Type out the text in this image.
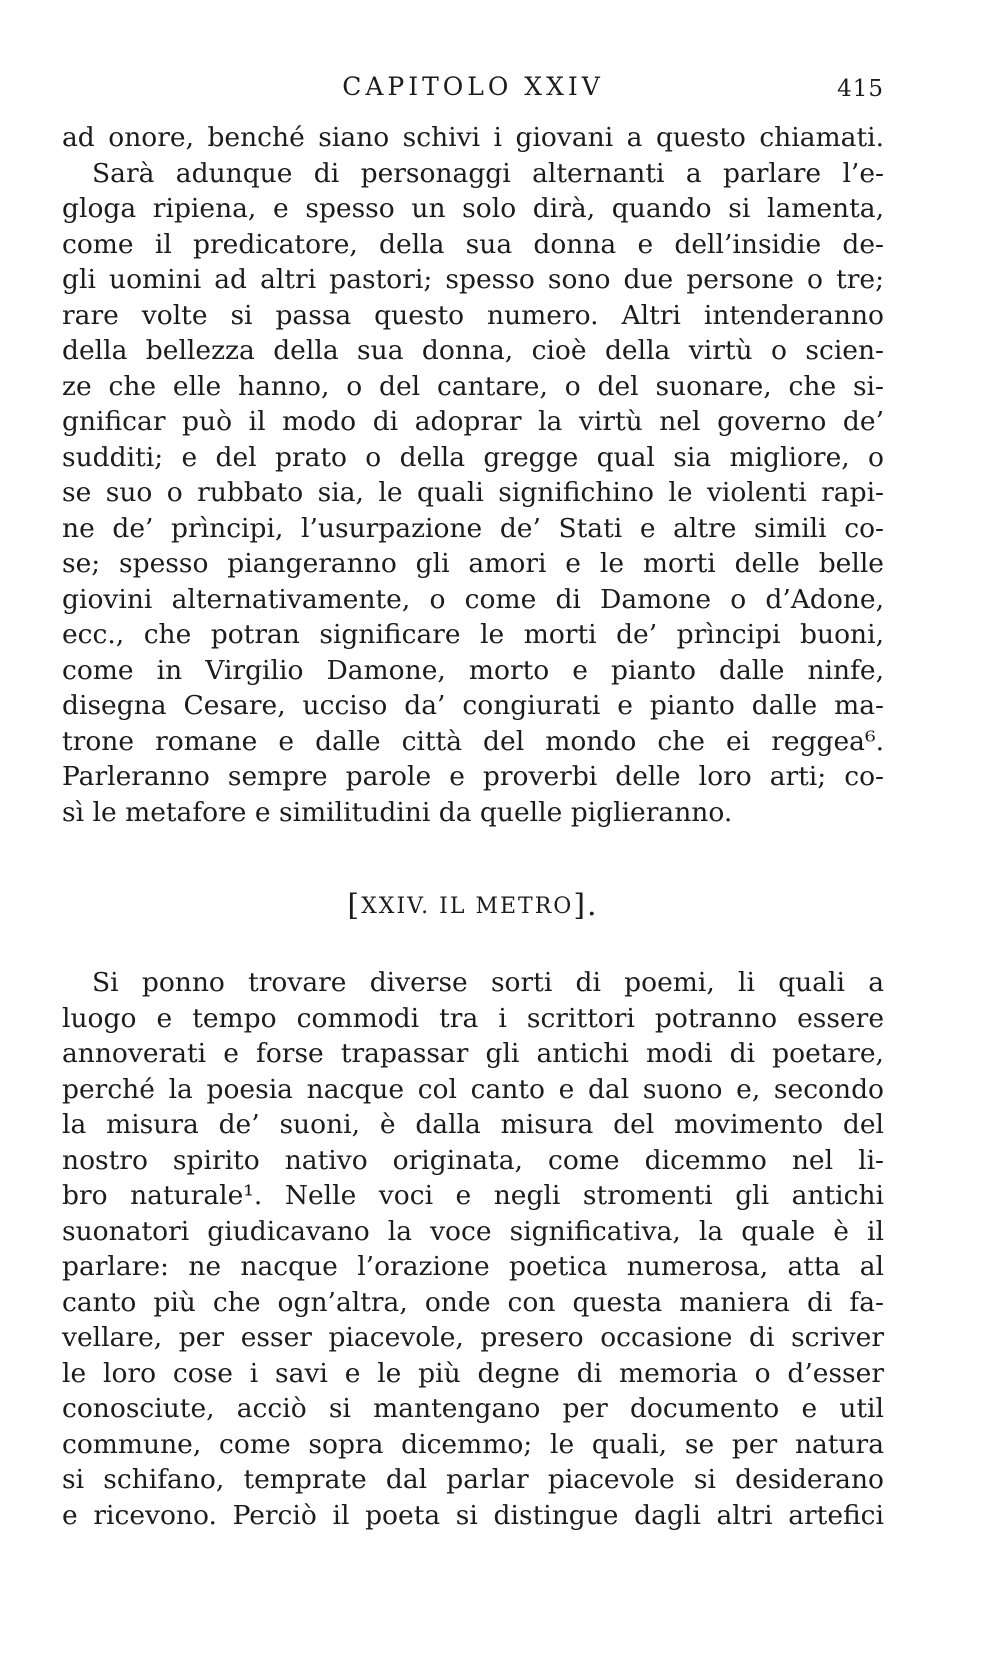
CAPITOLO XXIV	415
ad onore, benché siano schivi i giovani a questo chiamati.
Sarà adunque di personaggi alternanti a parlare l’e-
gloga ripiena, e spesso un solo dirà, quando si lamenta,
come il predicatore, della sua donna e dell’insidie de-
gli uomini ad altri pastori; spesso sono due persone o tre;
rare volte si passa questo numero. Altri intenderanno
della bellezza della sua donna, cioè della virtù o scien-
ze che elle hanno, o del cantare, o del suonare, che si-
gnificar può il modo di adoprar la virtù nel governo de’
sudditi; e del prato o della gregge qual sia migliore, o
se suo o rubbato sia, le quali significhino le violenti rapi-
ne de’ prìncipi, l’usurpazione de’ Stati e altre simili co-
se; spesso piangeranno gli amori e le morti delle belle
giovini alternativamente, o come di Damone o d’Adone,
ecc., che potran significare le morti de’ prìncipi buoni,
come in Virgilio Damone, morto e pianto dalle ninfe,
disegna Cesare, ucciso da’ congiurati e pianto dalle ma-
trone romane e dalle città del mondo che ei reggea⁶.
Parleranno sempre parole e proverbi delle loro arti; co-
sì le metafore e similitudini da quelle piglieranno.
[XXIV. IL METRO].
Si ponno trovare diverse sorti di poemi, li quali a
luogo e tempo commodi tra i scrittori potranno essere
annoverati e forse trapassar gli antichi modi di poetare,
perché la poesia nacque col canto e dal suono e, secondo
la misura de’ suoni, è dalla misura del movimento del
nostro spirito nativo originata, come dicemmo nel li-
bro naturale¹. Nelle voci e negli stromenti gli antichi
suonatori giudicavano la voce significativa, la quale è il
parlare: ne nacque l’orazione poetica numerosa, atta al
canto più che ogn’altra, onde con questa maniera di fa-
vellare, per esser piacevole, presero occasione di scriver
le loro cose i savi e le più degne di memoria o d’esser
conosciute, acciò si mantengano per documento e util
commune, come sopra dicemmo; le quali, se per natura
si schifano, temprate dal parlar piacevole si desiderano
e ricevono. Perciò il poeta si distingue dagli altri artefici
